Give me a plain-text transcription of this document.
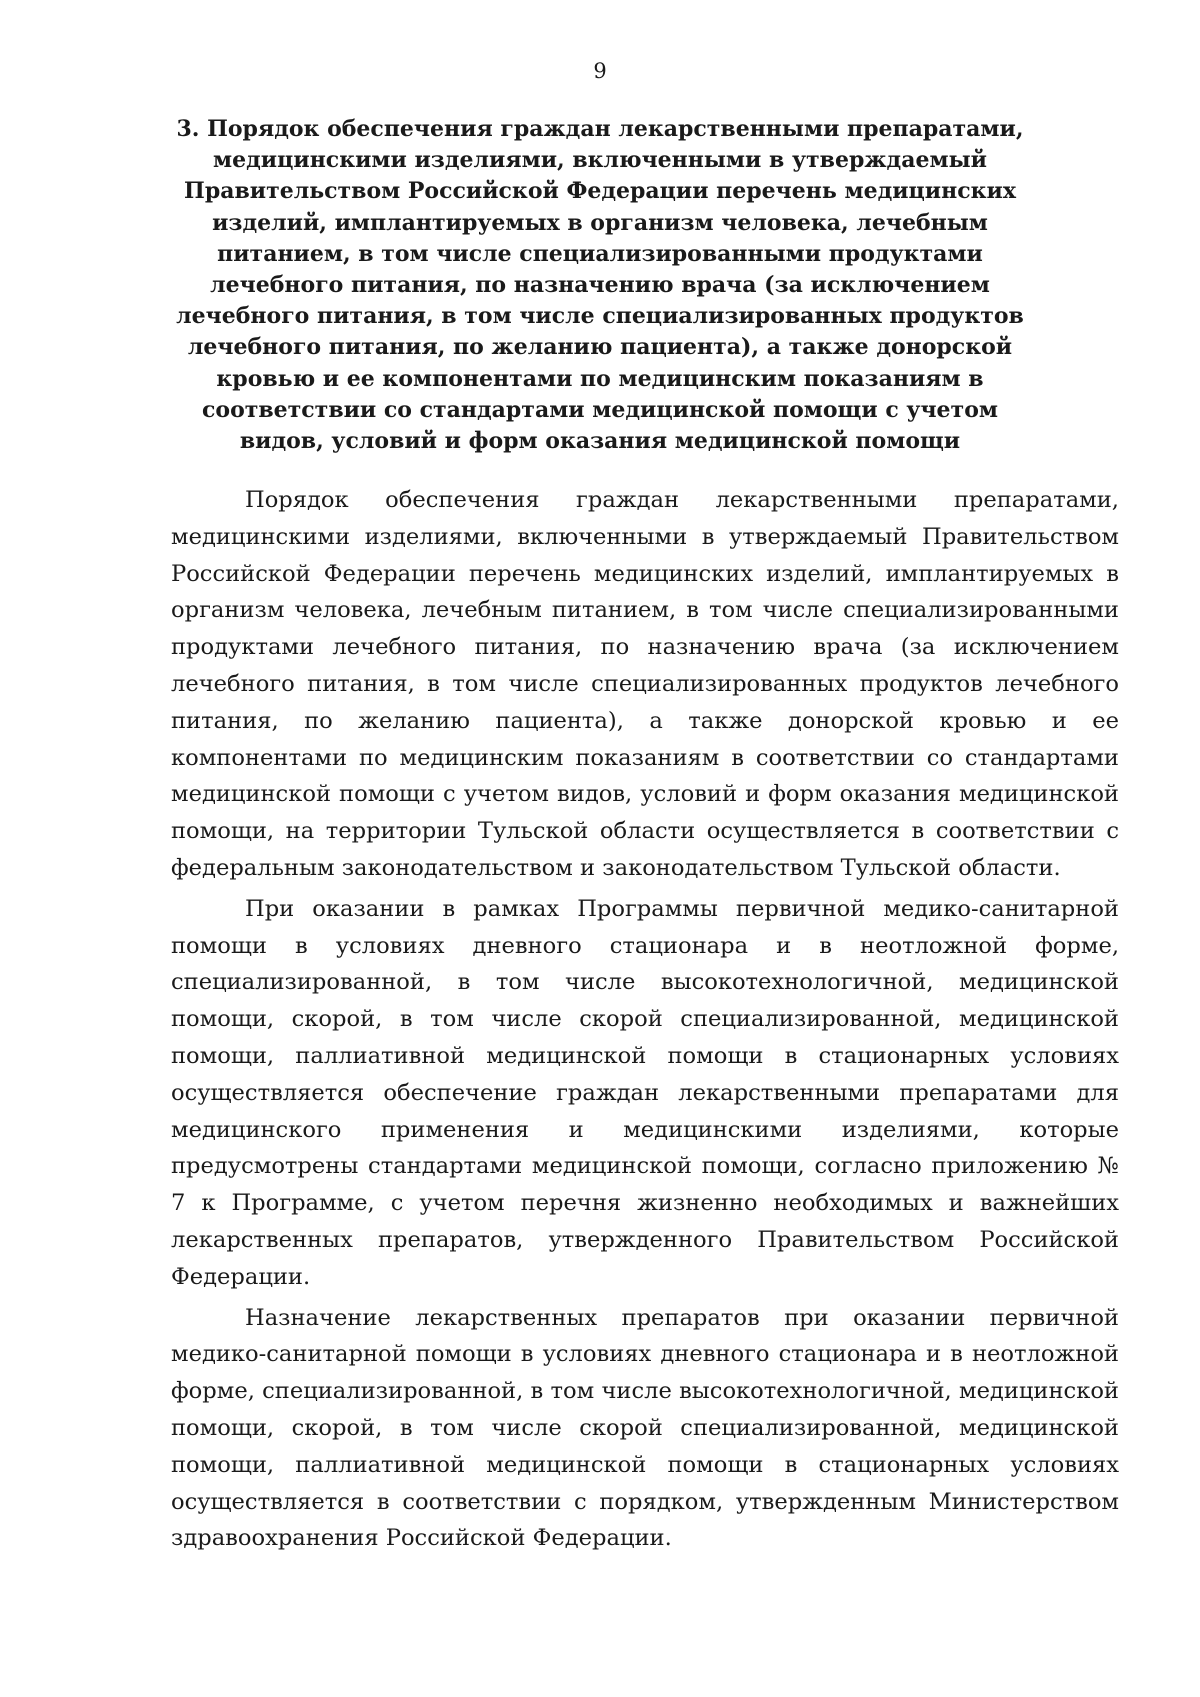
9
3. Порядок обеспечения граждан лекарственными препаратами, медицинскими изделиями, включенными в утверждаемый Правительством Российской Федерации перечень медицинских изделий, имплантируемых в организм человека, лечебным питанием, в том числе специализированными продуктами лечебного питания, по назначению врача (за исключением лечебного питания, в том числе специализированных продуктов лечебного питания, по желанию пациента), а также донорской кровью и ее компонентами по медицинским показаниям в соответствии со стандартами медицинской помощи с учетом видов, условий и форм оказания медицинской помощи

Порядок обеспечения граждан лекарственными препаратами, медицинскими изделиями, включенными в утверждаемый Правительством Российской Федерации перечень медицинских изделий, имплантируемых в организм человека, лечебным питанием, в том числе специализированными продуктами лечебного питания, по назначению врача (за исключением лечебного питания, в том числе специализированных продуктов лечебного питания, по желанию пациента), а также донорской кровью и ее компонентами по медицинским показаниям в соответствии со стандартами медицинской помощи с учетом видов, условий и форм оказания медицинской помощи, на территории Тульской области осуществляется в соответствии с федеральным законодательством и законодательством Тульской области.

При оказании в рамках Программы первичной медико-санитарной помощи в условиях дневного стационара и в неотложной форме, специализированной, в том числе высокотехнологичной, медицинской помощи, скорой, в том числе скорой специализированной, медицинской помощи, паллиативной медицинской помощи в стационарных условиях осуществляется обеспечение граждан лекарственными препаратами для медицинского применения и медицинскими изделиями, которые предусмотрены стандартами медицинской помощи, согласно приложению № 7 к Программе, с учетом перечня жизненно необходимых и важнейших лекарственных препаратов, утвержденного Правительством Российской Федерации.

Назначение лекарственных препаратов при оказании первичной медико-санитарной помощи в условиях дневного стационара и в неотложной форме, специализированной, в том числе высокотехнологичной, медицинской помощи, скорой, в том числе скорой специализированной, медицинской помощи, паллиативной медицинской помощи в стационарных условиях осуществляется в соответствии с порядком, утвержденным Министерством здравоохранения Российской Федерации.
